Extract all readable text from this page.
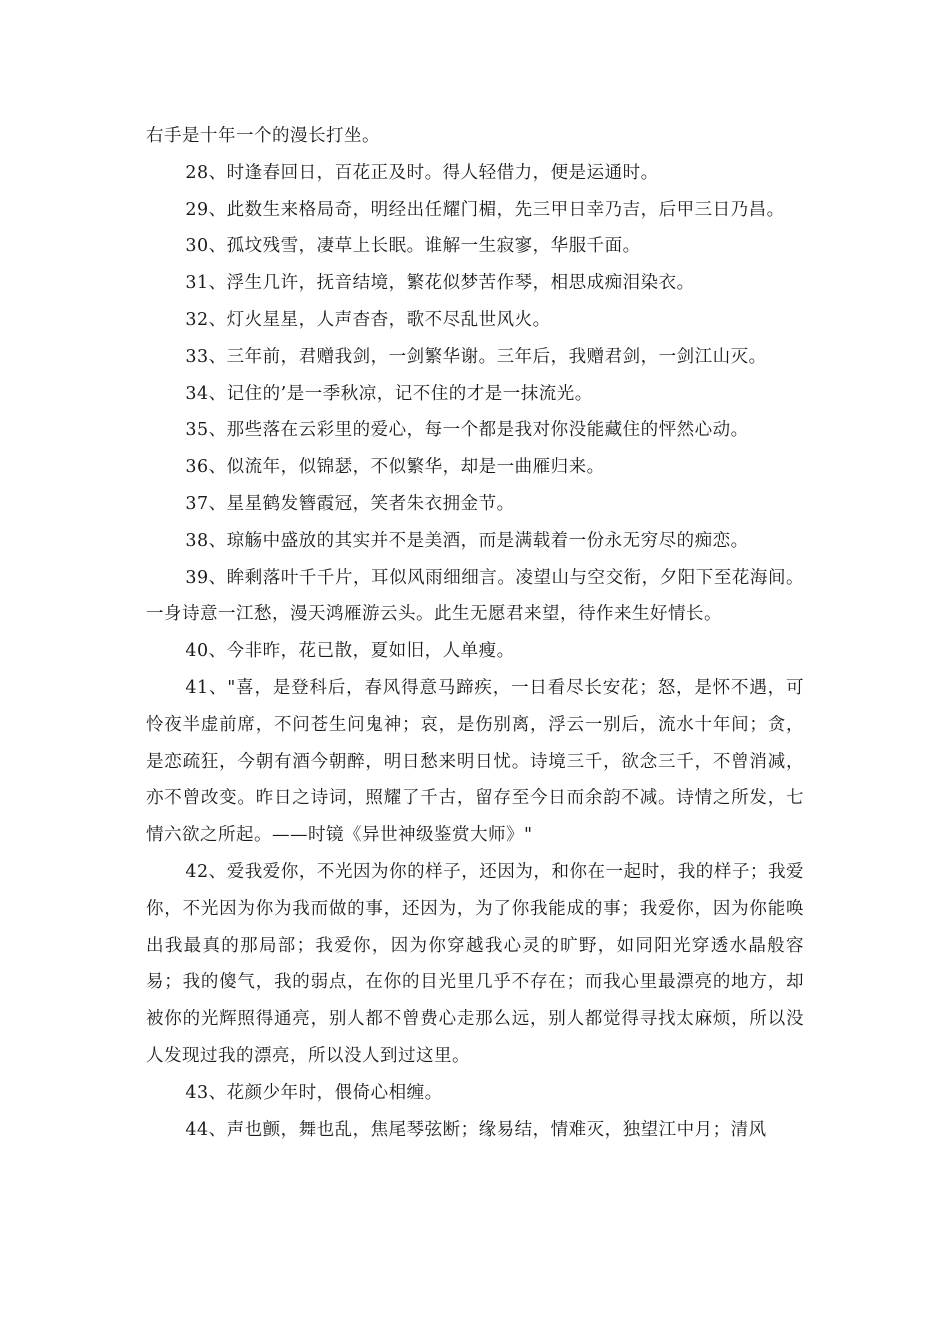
右手是十年一个的漫长打坐。

28、时逢春回日，百花正及时。得人轻借力，便是运通时。

29、此数生来格局奇，明经出任耀门楣，先三甲日幸乃吉，后甲三日乃昌。

30、孤坟残雪，凄草上长眠。谁解一生寂寥，华服千面。

31、浮生几许，抚音结境，繁花似梦苦作琴，相思成痴泪染衣。

32、灯火星星，人声杳杳，歌不尽乱世风火。

33、三年前，君赠我剑，一剑繁华谢。三年后，我赠君剑，一剑江山灭。

34、记住的’是一季秋凉，记不住的才是一抹流光。

35、那些落在云彩里的爱心，每一个都是我对你没能藏住的怦然心动。

36、似流年，似锦瑟，不似繁华，却是一曲雁归来。

37、星星鹤发簪霞冠，笑者朱衣拥金节。

38、琼觞中盛放的其实并不是美酒，而是满载着一份永无穷尽的痴恋。

39、眸剩落叶千千片，耳似风雨细细言。凌望山与空交衔，夕阳下至花海间。一身诗意一江愁，漫天鸿雁游云头。此生无愿君来望，待作来生好情长。

40、今非昨，花已散，夏如旧，人单瘦。

41、"喜，是登科后，春风得意马蹄疾，一日看尽长安花；怒，是怀不遇，可怜夜半虚前席，不问苍生问鬼神；哀，是伤别离，浮云一别后，流水十年间；贪，是恋疏狂，今朝有酒今朝醉，明日愁来明日忧。诗境三千，欲念三千，不曾消减，亦不曾改变。昨日之诗词，照耀了千古，留存至今日而余韵不减。诗情之所发，七情六欲之所起。——时镜《异世神级鉴赏大师》"

42、爱我爱你，不光因为你的样子，还因为，和你在一起时，我的样子；我爱你，不光因为你为我而做的事，还因为，为了你我能成的事；我爱你，因为你能唤出我最真的那局部；我爱你，因为你穿越我心灵的旷野，如同阳光穿透水晶般容易；我的傻气，我的弱点，在你的目光里几乎不存在；而我心里最漂亮的地方，却被你的光辉照得通亮，别人都不曾费心走那么远，别人都觉得寻找太麻烦，所以没人发现过我的漂亮，所以没人到过这里。

43、花颜少年时，偎倚心相缠。

44、声也颤，舞也乱，焦尾琴弦断；缘易结，情难灭，独望江中月；清风
